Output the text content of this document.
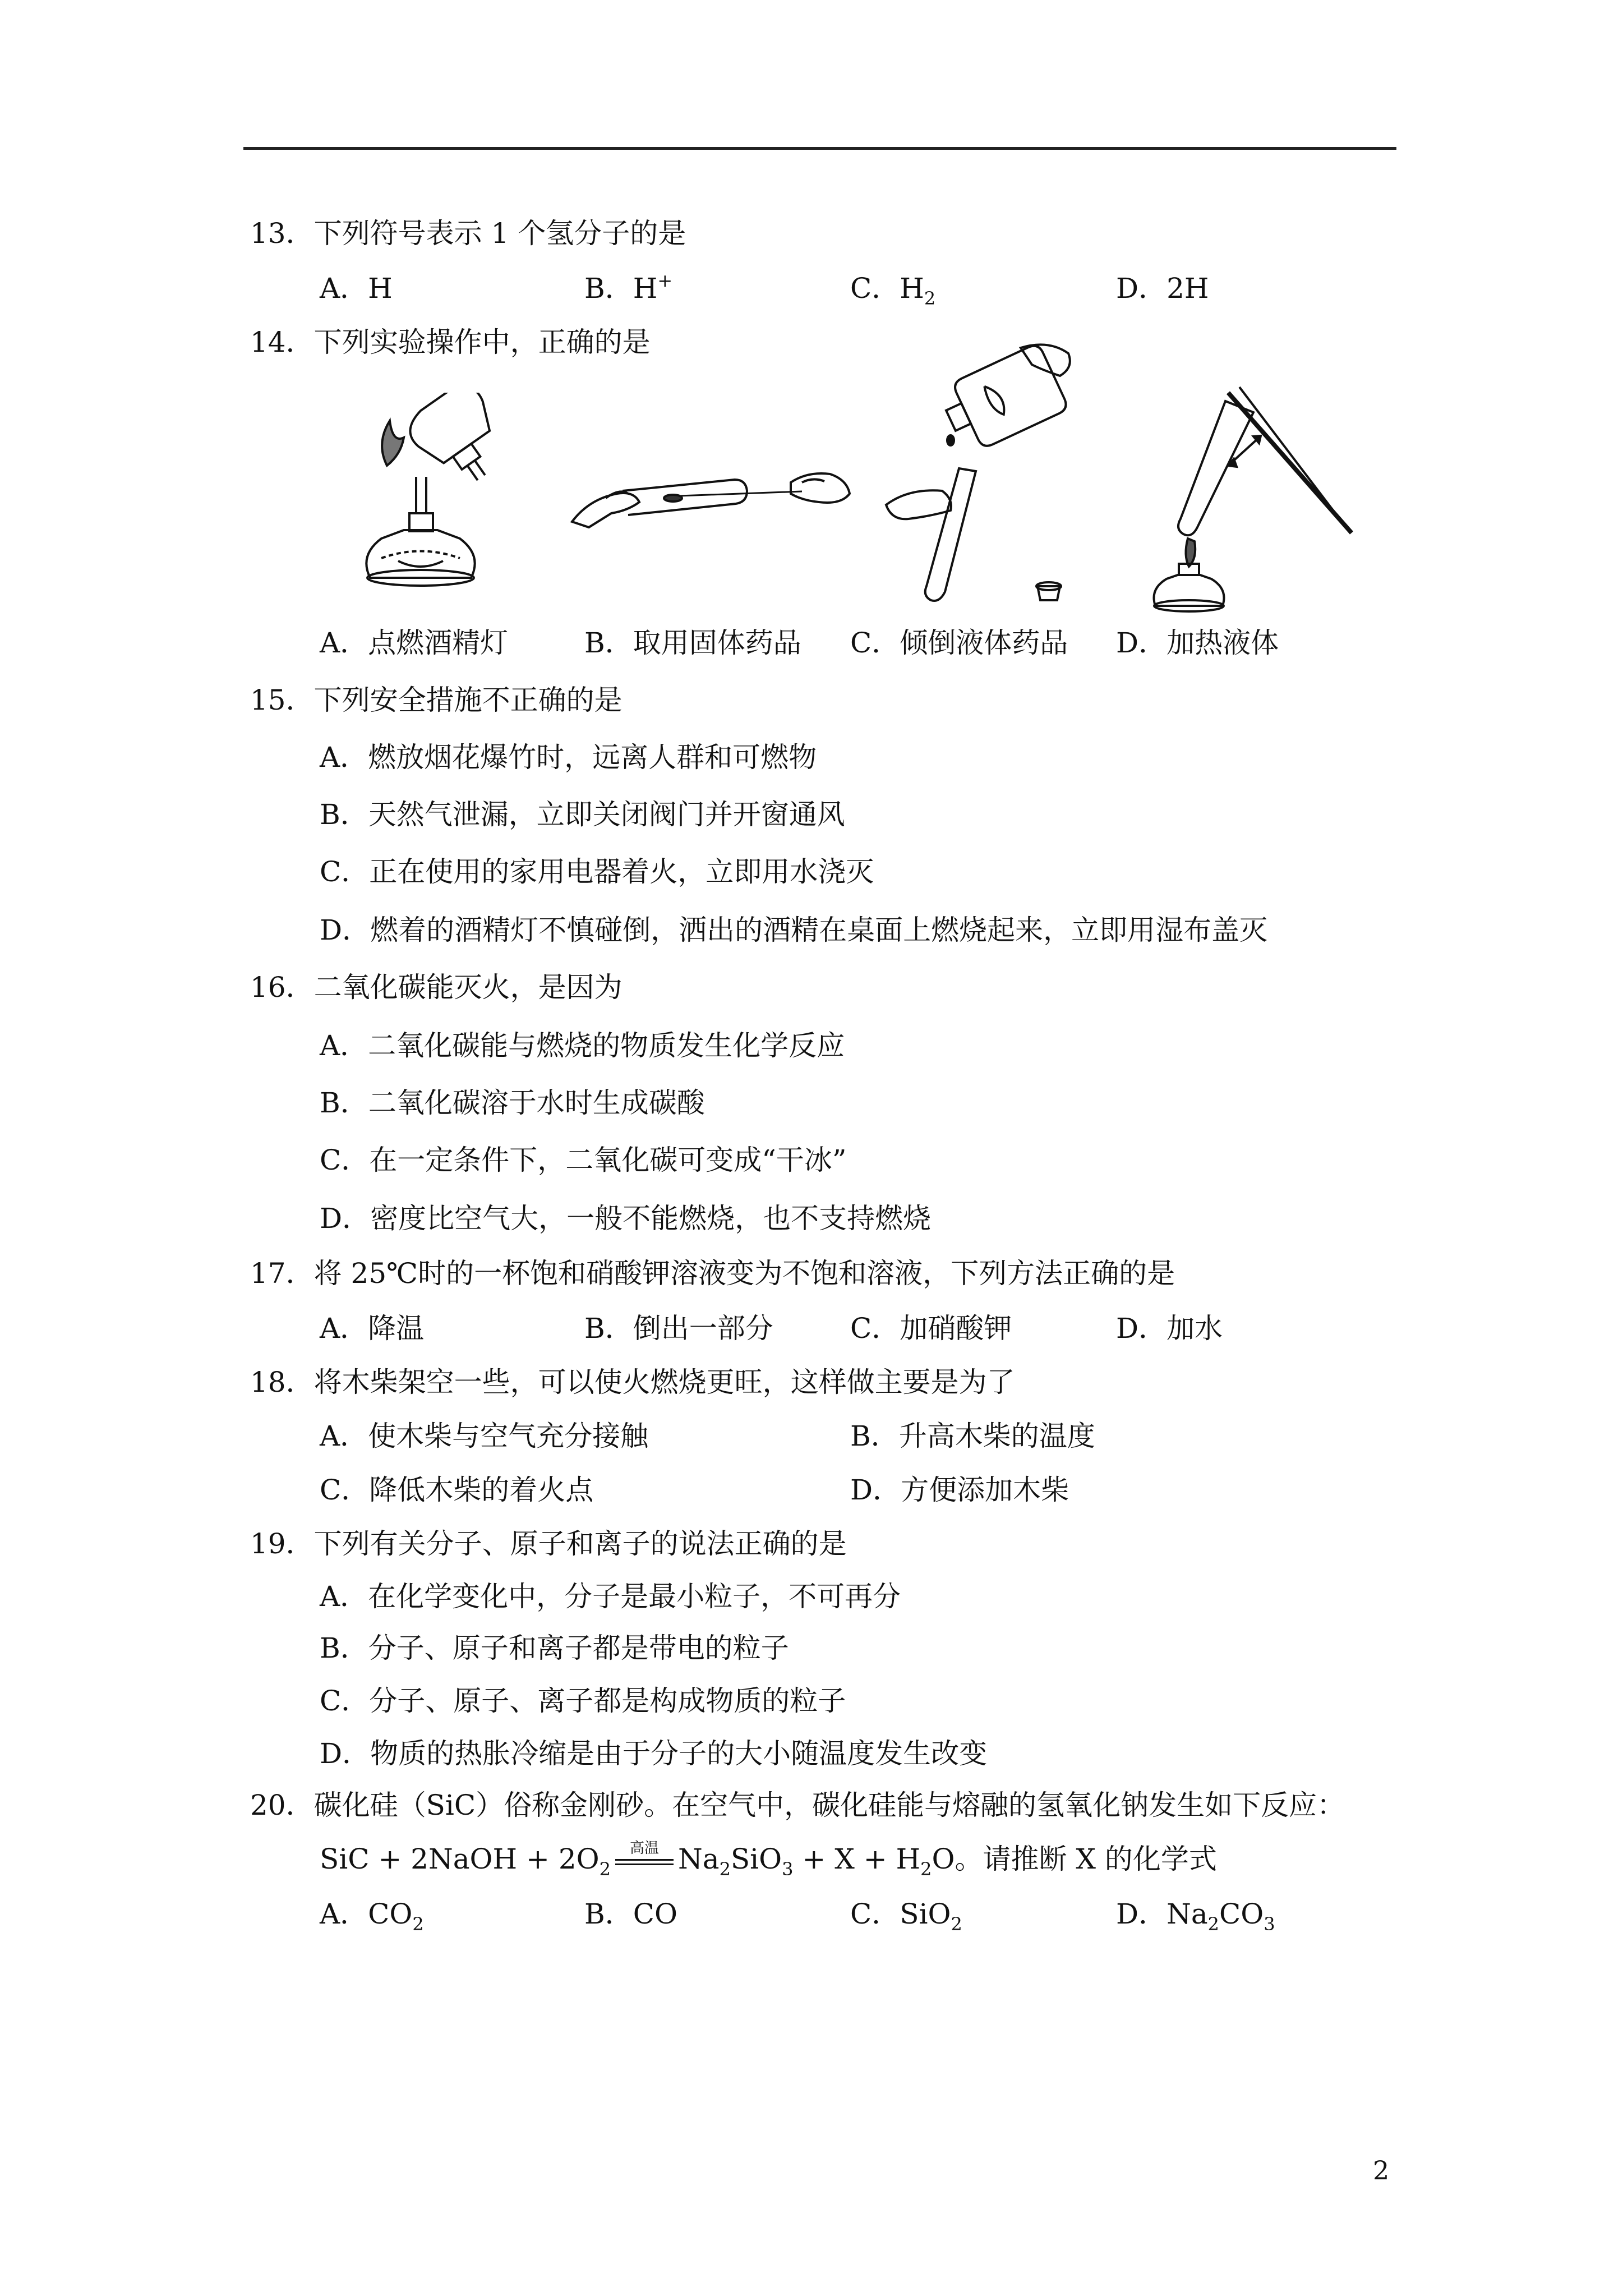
13．下列符号表示 1 个氢分子的是
A．H	B．H+	C．$H_2$	D．2H
14．下列实验操作中，正确的是
A．点燃酒精灯	B．取用固体药品 C．倾倒液体药品 D．加热液体
15．下列安全措施不正确的是
A．燃放烟花爆竹时，远离人群和可燃物
B．天然气泄漏，立即关闭阀门并开窗通风
C．正在使用的家用电器着火，立即用水浇灭
D．燃着的酒精灯不慎碰倒，洒出的酒精在桌面上燃烧起来，立即用湿布盖灭
16．二氧化碳能灭火，是因为
A．二氧化碳能与燃烧的物质发生化学反应
B．二氧化碳溶于水时生成碳酸
C．在一定条件下，二氧化碳可变成“干冰”
D．密度比空气大，一般不能燃烧，也不支持燃烧
17．将 25℃时的一杯饱和硝酸钾溶液变为不饱和溶液，下列方法正确的是
A．降温	B．倒出一部分	C．加硝酸钾	D．加水
18．将木柴架空一些，可以使火燃烧更旺，这样做主要是为了
A．使木柴与空气充分接触	B．升高木柴的温度
C．降低木柴的着火点	D．方便添加木柴
19．下列有关分子、原子和离子的说法正确的是
A．在化学变化中，分子是最小粒子，不可再分
B．分子、原子和离子都是带电的粒子
C．分子、原子、离子都是构成物质的粒子
D．物质的热胀冷缩是由于分子的大小随温度发生改变
20．碳化硅（SiC）俗称金刚砂。在空气中，碳化硅能与熔融的氢氧化钠发生如下反应：
SiC + 2NaOH + $2O_2$
高温 $Na_2SiO_3 + X + H_2O$。请推断 X 的化学式
A．$CO_2$	B．CO	C．SiO$_2$	D．$Na_2CO_3$
2
